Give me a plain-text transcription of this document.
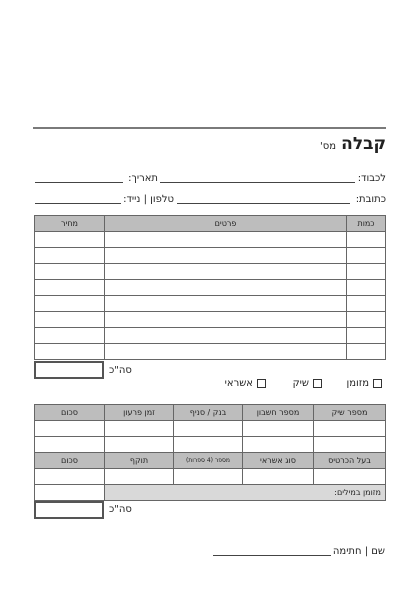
קבלה
מס'
לכבוד:
תאריך:
כתובת:
טלפון | נייד:
מחיר	פרטים	כמות

סה"כ
מזומן
שיק
אשראי
סכום	זמן פרעון	בנק / סניף	מספר חשבון	מספר שיק

סכום	תוקף	מספר (4 ספרות)	סוג אשראי	בעל הכרטיס

	מזומן במילים:			
סה"כ
שם | חתימה
